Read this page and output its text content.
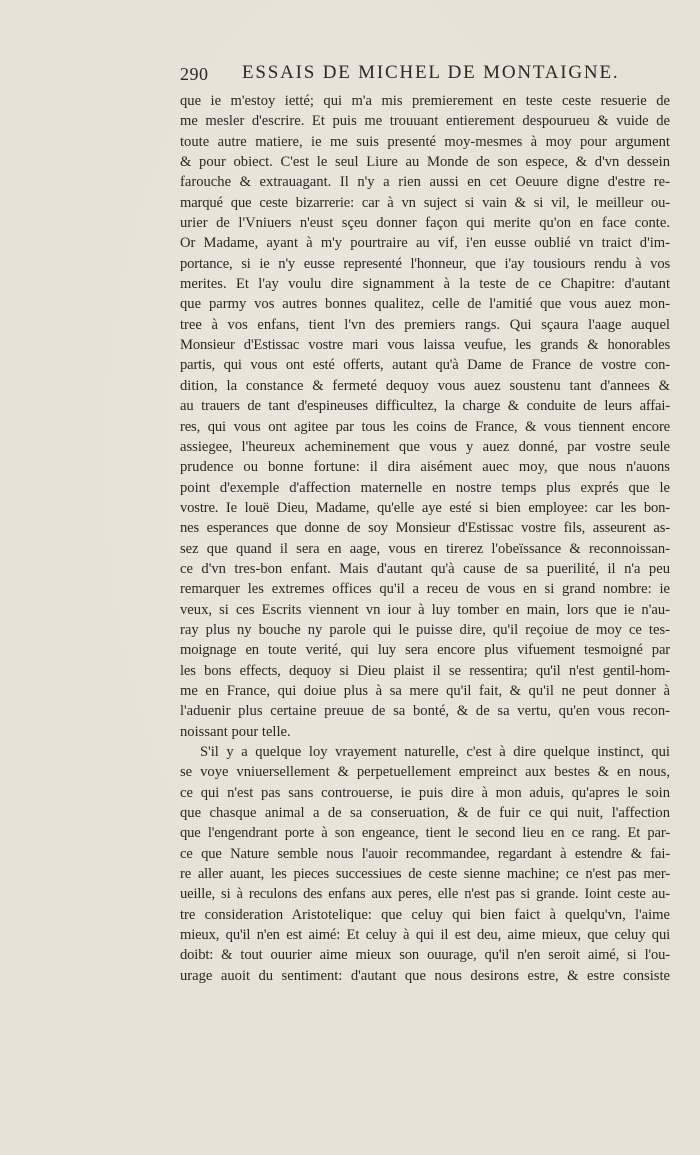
290 ESSAIS DE MICHEL DE MONTAIGNE.
que ie m'estoy ietté; qui m'a mis premierement en teste ceste resuerie de
me mesler d'escrire. Et puis me trouuant entierement despourueu & vuide de
toute autre matiere, ie me suis presenté moy-mesmes à moy pour argument
& pour obiect. C'est le seul Liure au Monde de son espece, & d'vn dessein
farouche & extrauagant. Il n'y a rien aussi en cet Oeuure digne d'estre re-
marqué que ceste bizarrerie: car à vn suject si vain & si vil, le meilleur ou-
urier de l'Vniuers n'eust sçeu donner façon qui merite qu'on en face conte.
Or Madame, ayant à m'y pourtraire au vif, i'en eusse oublié vn traict d'im-
portance, si ie n'y eusse representé l'honneur, que i'ay tousiours rendu à vos
merites. Et l'ay voulu dire signamment à la teste de ce Chapitre: d'autant
que parmy vos autres bonnes qualitez, celle de l'amitié que vous auez mon-
tree à vos enfans, tient l'vn des premiers rangs. Qui sçaura l'aage auquel
Monsieur d'Estissac vostre mari vous laissa veufue, les grands & honorables
partis, qui vous ont esté offerts, autant qu'à Dame de France de vostre con-
dition, la constance & fermeté dequoy vous auez soustenu tant d'annees &
au trauers de tant d'espineuses difficultez, la charge & conduite de leurs affai-
res, qui vous ont agitee par tous les coins de France, & vous tiennent encore
assiegee, l'heureux acheminement que vous y auez donné, par vostre seule
prudence ou bonne fortune: il dira aisément auec moy, que nous n'auons
point d'exemple d'affection maternelle en nostre temps plus exprés que le
vostre. Ie louë Dieu, Madame, qu'elle aye esté si bien employee: car les bon-
nes esperances que donne de soy Monsieur d'Estissac vostre fils, asseurent as-
sez que quand il sera en aage, vous en tirerez l'obeïssance & reconnoissan-
ce d'vn tres-bon enfant. Mais d'autant qu'à cause de sa puerilité, il n'a peu
remarquer les extremes offices qu'il a receu de vous en si grand nombre: ie
veux, si ces Escrits viennent vn iour à luy tomber en main, lors que ie n'au-
ray plus ny bouche ny parole qui le puisse dire, qu'il reçoiue de moy ce tes-
moignage en toute verité, qui luy sera encore plus vifuement tesmoigné par
les bons effects, dequoy si Dieu plaist il se ressentira; qu'il n'est gentil-hom-
me en France, qui doiue plus à sa mere qu'il fait, & qu'il ne peut donner à
l'aduenir plus certaine preuue de sa bonté, & de sa vertu, qu'en vous recon-
noissant pour telle.
S'il y a quelque loy vrayement naturelle, c'est à dire quelque instinct, qui
se voye vniuersellement & perpetuellement empreinct aux bestes & en nous,
ce qui n'est pas sans controuerse, ie puis dire à mon aduis, qu'apres le soin
que chasque animal a de sa conseruation, & de fuir ce qui nuit, l'affection
que l'engendrant porte à son engeance, tient le second lieu en ce rang. Et par-
ce que Nature semble nous l'auoir recommandee, regardant à estendre & fai-
re aller auant, les pieces successiues de ceste sienne machine; ce n'est pas mer-
ueille, si à reculons des enfans aux peres, elle n'est pas si grande. Ioint ceste au-
tre consideration Aristotelique: que celuy qui bien faict à quelqu'vn, l'aime
mieux, qu'il n'en est aimé: Et celuy à qui il est deu, aime mieux, que celuy qui
doibt: & tout ouurier aime mieux son ouurage, qu'il n'en seroit aimé, si l'ou-
urage auoit du sentiment: d'autant que nous desirons estre, & estre consiste
